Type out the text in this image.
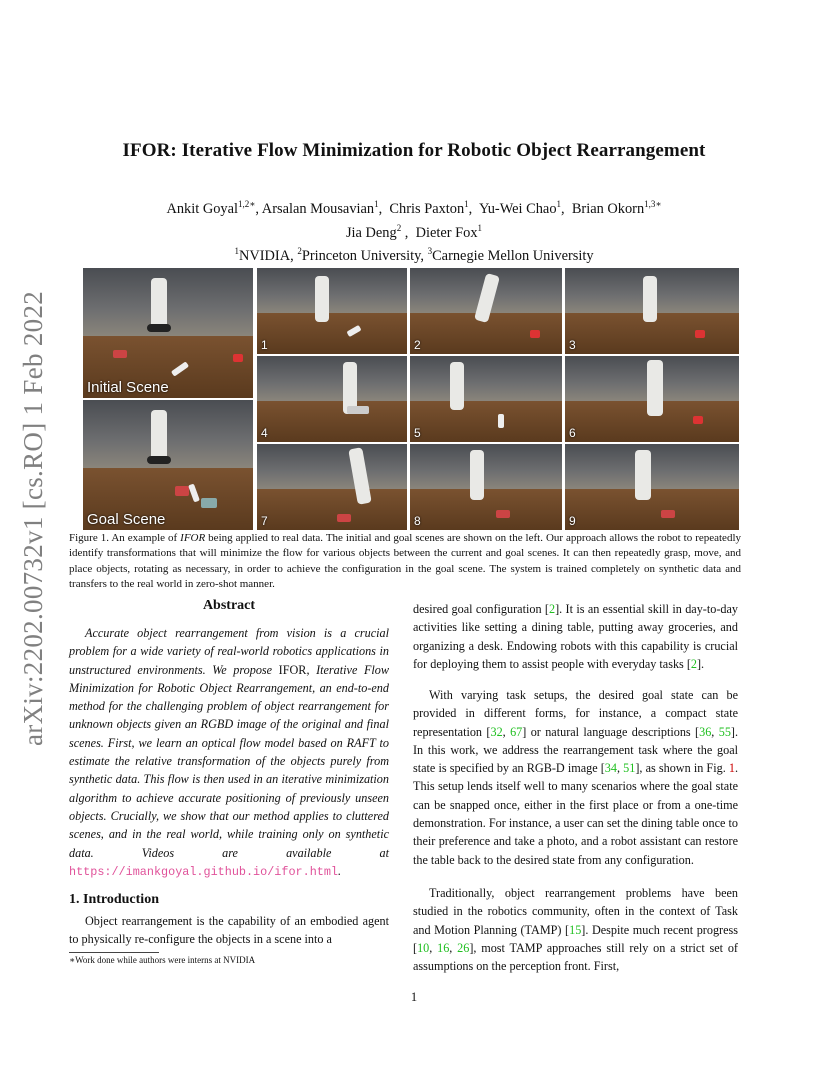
arXiv:2202.00732v1 [cs.RO] 1 Feb 2022
IFOR: Iterative Flow Minimization for Robotic Object Rearrangement
Ankit Goyal$^{1,2∗}$, Arsalan Mousavian$^1$,  Chris Paxton$^1$,  Yu-Wei Chao$^1$,  Brian Okorn$^{1,3∗}$
Jia Deng$^2$ ,  Dieter Fox$^1$
$^1$NVIDIA, $^2$Princeton University, $^3$Carnegie Mellon University
Initial Scene
Goal Scene
1	2	3
4	5	6
7	8	9
Figure 1. An example of IFOR being applied to real data. The initial and goal scenes are shown on the left. Our approach allows the robot to repeatedly identify transformations that will minimize the flow for various objects between the current and goal scenes. It can then repeatedly grasp, move, and place objects, rotating as necessary, in order to achieve the configuration in the goal scene. The system is trained completely on synthetic data and transfers to the real world in zero-shot manner.
Abstract
Accurate object rearrangement from vision is a crucial problem for a wide variety of real-world robotics applications in unstructured environments. We propose IFOR, Iterative Flow Minimization for Robotic Object Rearrangement, an end-to-end method for the challenging problem of object rearrangement for unknown objects given an RGBD image of the original and final scenes. First, we learn an optical flow model based on RAFT to estimate the relative transformation of the objects purely from synthetic data. This flow is then used in an iterative minimization algorithm to achieve accurate positioning of previously unseen objects. Crucially, we show that our method applies to cluttered scenes, and in the real world, while training only on synthetic data. Videos are available at https://imankgoyal.github.io/ifor.html.
1. Introduction
Object rearrangement is the capability of an embodied agent to physically re-configure the objects in a scene into a
∗Work done while authors were interns at NVIDIA
desired goal configuration [2]. It is an essential skill in day-to-day activities like setting a dining table, putting away groceries, and organizing a desk. Endowing robots with this capability is crucial for deploying them to assist people with everyday tasks [2].
With varying task setups, the desired goal state can be provided in different forms, for instance, a compact state representation [32, 67] or natural language descriptions [36, 55]. In this work, we address the rearrangement task where the goal state is specified by an RGB-D image [34, 51], as shown in Fig. 1. This setup lends itself well to many scenarios where the goal state can be snapped once, either in the first place or from a one-time demonstration. For instance, a user can set the dining table once to their preference and take a photo, and a robot assistant can restore the table back to the desired state from any configuration.
Traditionally, object rearrangement problems have been studied in the robotics community, often in the context of Task and Motion Planning (TAMP) [15]. Despite much recent progress [10, 16, 26], most TAMP approaches still rely on a strict set of assumptions on the perception front. First,
1
